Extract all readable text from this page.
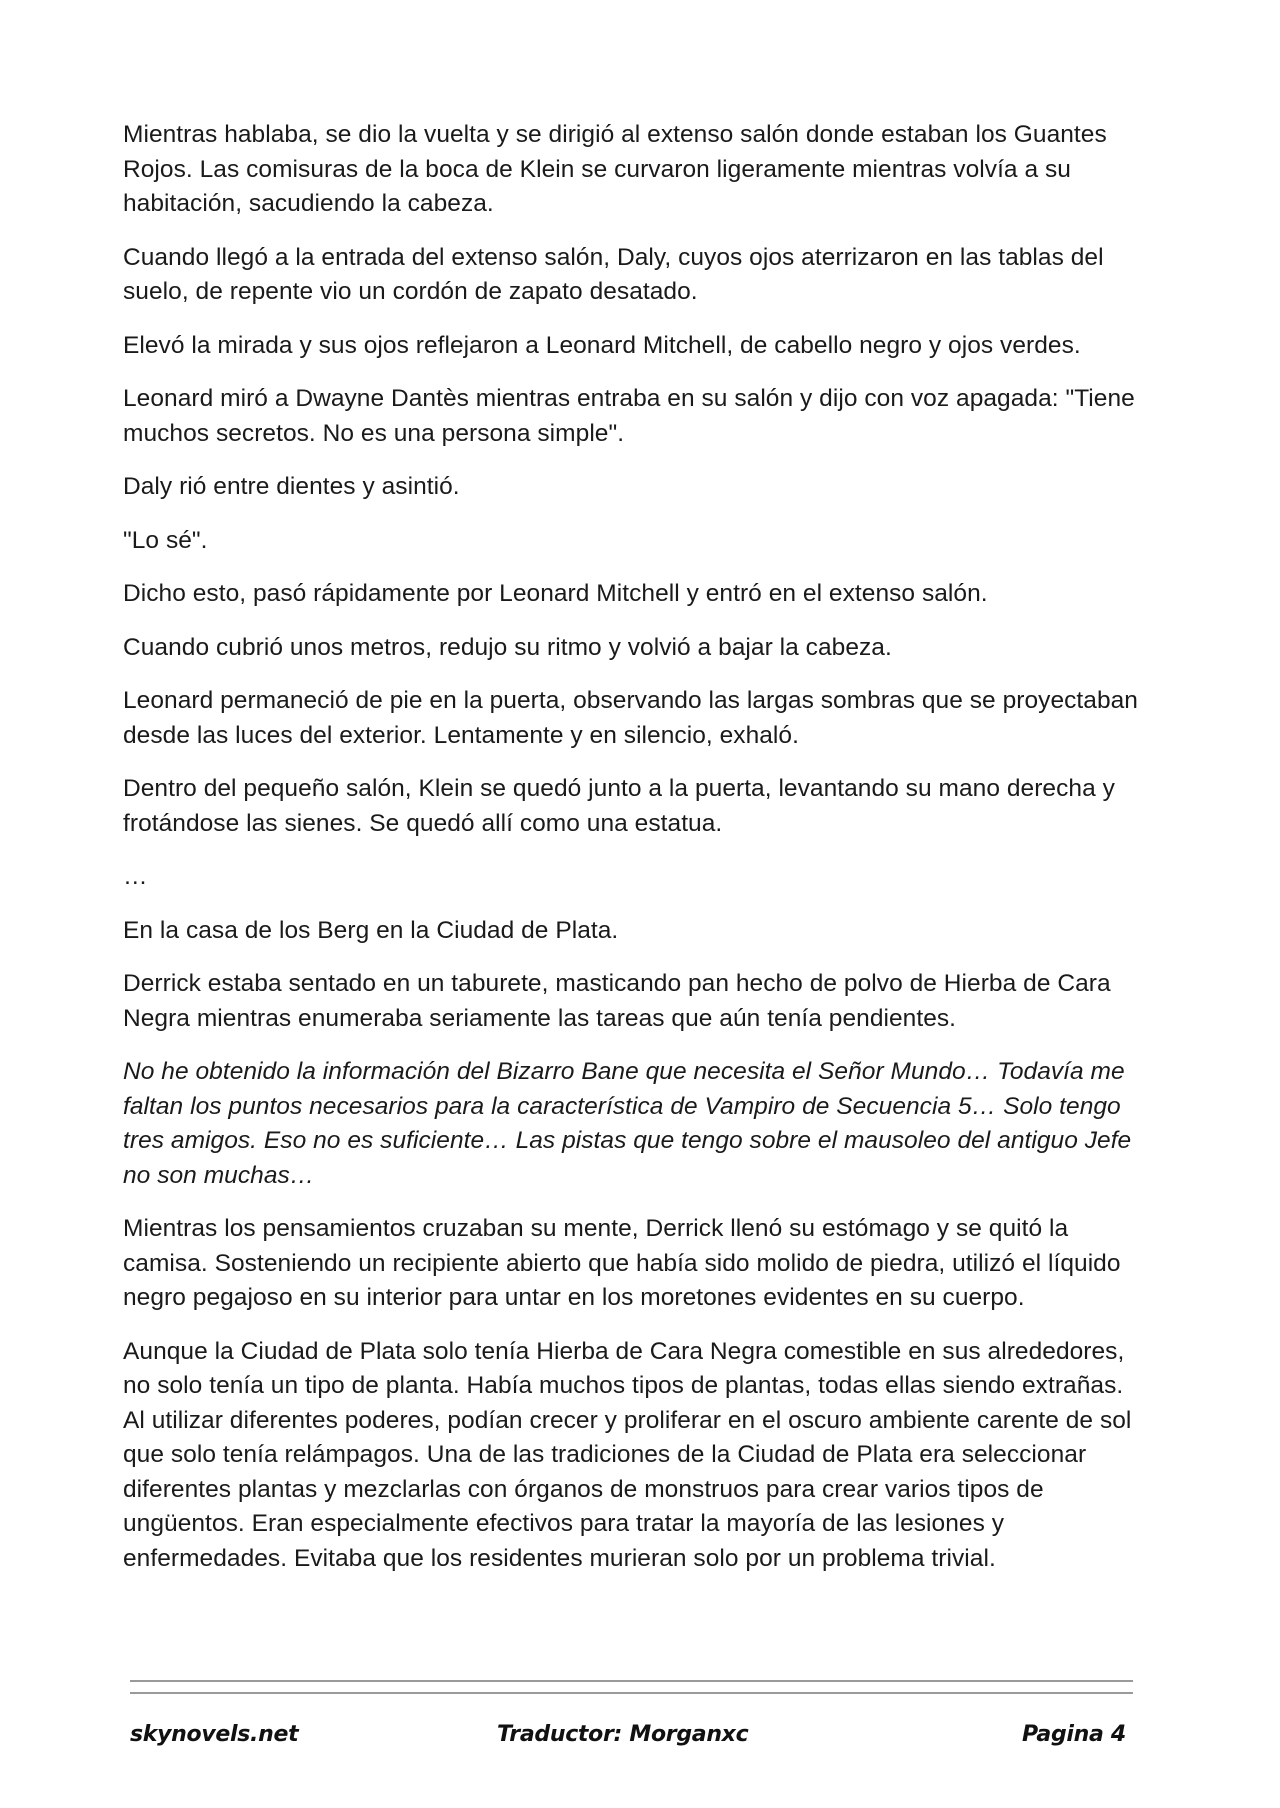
Mientras hablaba, se dio la vuelta y se dirigió al extenso salón donde estaban los Guantes Rojos. Las comisuras de la boca de Klein se curvaron ligeramente mientras volvía a su habitación, sacudiendo la cabeza.

Cuando llegó a la entrada del extenso salón, Daly, cuyos ojos aterrizaron en las tablas del suelo, de repente vio un cordón de zapato desatado.

Elevó la mirada y sus ojos reflejaron a Leonard Mitchell, de cabello negro y ojos verdes.

Leonard miró a Dwayne Dantès mientras entraba en su salón y dijo con voz apagada: "Tiene muchos secretos. No es una persona simple".

Daly rió entre dientes y asintió.

"Lo sé".

Dicho esto, pasó rápidamente por Leonard Mitchell y entró en el extenso salón.

Cuando cubrió unos metros, redujo su ritmo y volvió a bajar la cabeza.

Leonard permaneció de pie en la puerta, observando las largas sombras que se proyectaban desde las luces del exterior. Lentamente y en silencio, exhaló.

Dentro del pequeño salón, Klein se quedó junto a la puerta, levantando su mano derecha y frotándose las sienes. Se quedó allí como una estatua.

…

En la casa de los Berg en la Ciudad de Plata.

Derrick estaba sentado en un taburete, masticando pan hecho de polvo de Hierba de Cara Negra mientras enumeraba seriamente las tareas que aún tenía pendientes.

No he obtenido la información del Bizarro Bane que necesita el Señor Mundo… Todavía me faltan los puntos necesarios para la característica de Vampiro de Secuencia 5… Solo tengo tres amigos. Eso no es suficiente… Las pistas que tengo sobre el mausoleo del antiguo Jefe no son muchas…

Mientras los pensamientos cruzaban su mente, Derrick llenó su estómago y se quitó la camisa. Sosteniendo un recipiente abierto que había sido molido de piedra, utilizó el líquido negro pegajoso en su interior para untar en los moretones evidentes en su cuerpo.

Aunque la Ciudad de Plata solo tenía Hierba de Cara Negra comestible en sus alrededores, no solo tenía un tipo de planta. Había muchos tipos de plantas, todas ellas siendo extrañas. Al utilizar diferentes poderes, podían crecer y proliferar en el oscuro ambiente carente de sol que solo tenía relámpagos. Una de las tradiciones de la Ciudad de Plata era seleccionar diferentes plantas y mezclarlas con órganos de monstruos para crear varios tipos de ungüentos. Eran especialmente efectivos para tratar la mayoría de las lesiones y enfermedades. Evitaba que los residentes murieran solo por un problema trivial.

skynovels.net	Traductor: Morganxc	Pagina 4
